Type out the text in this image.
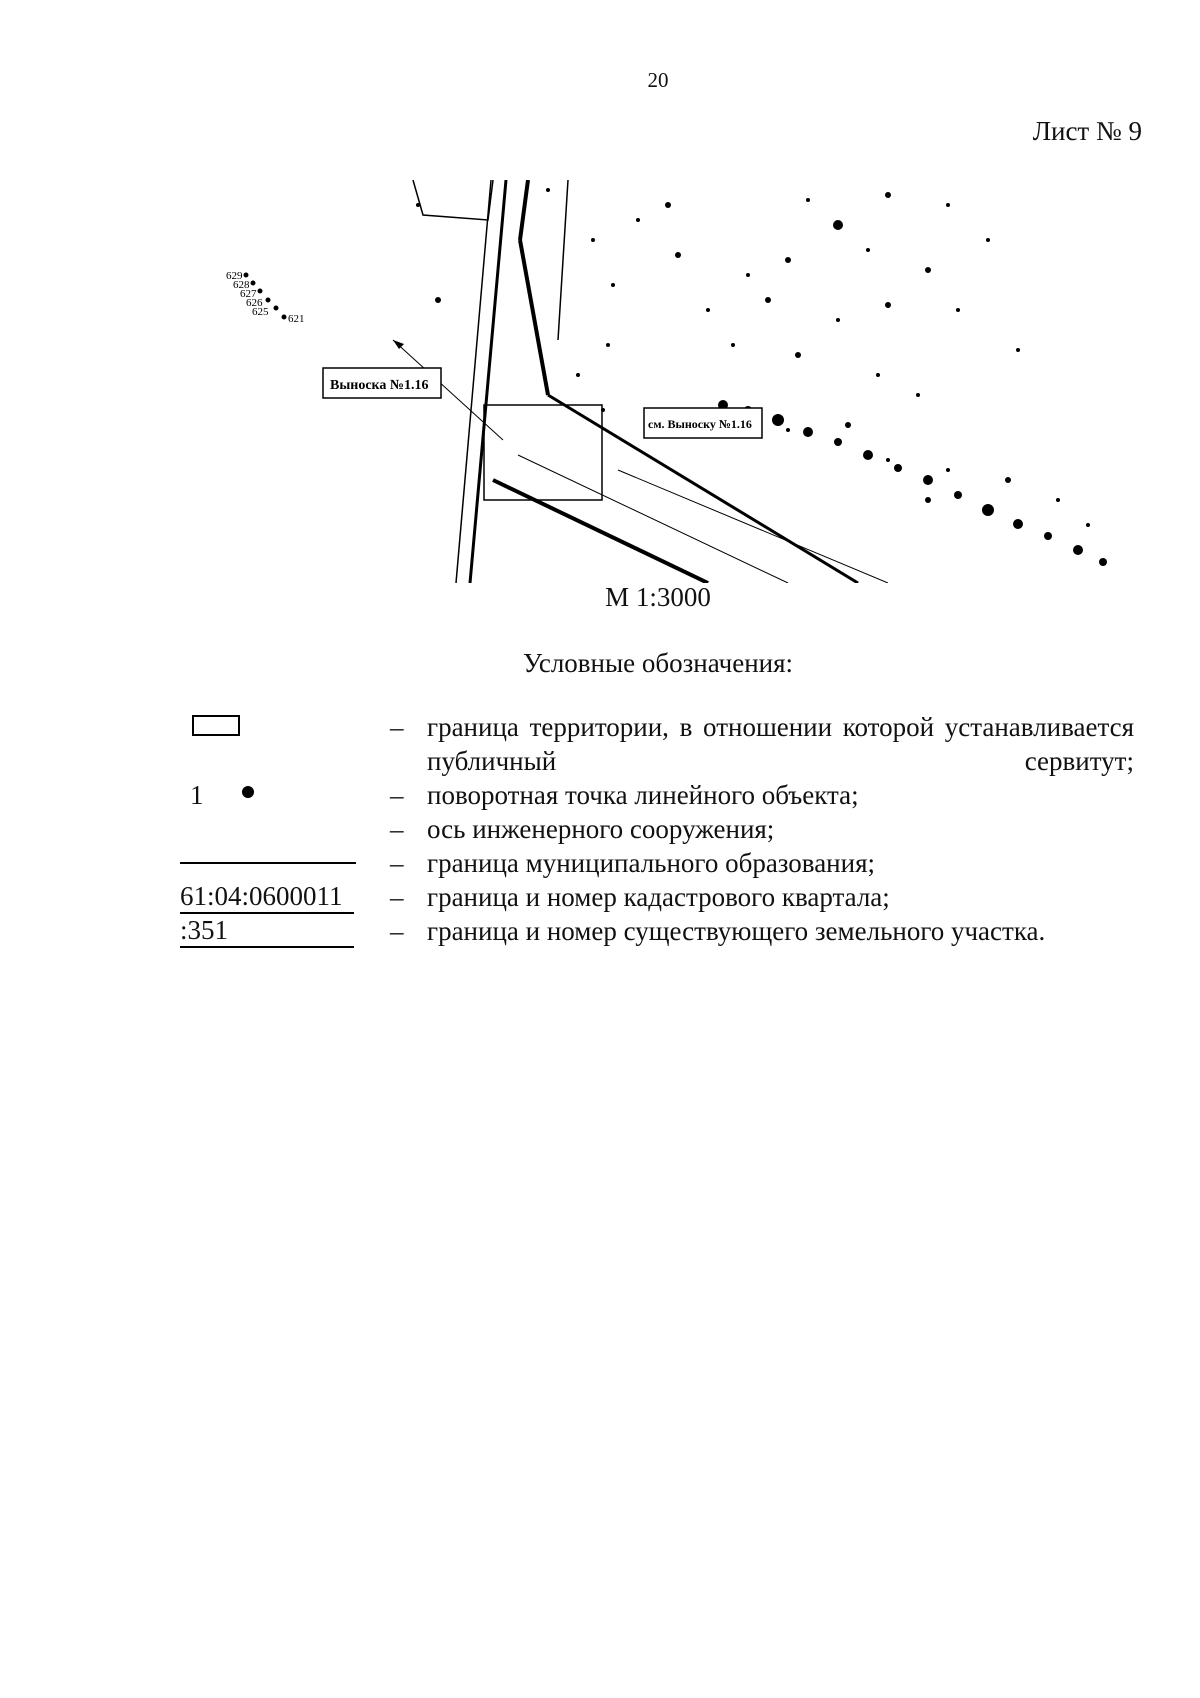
20
Лист № 9
629
628
627
626
625
621
Выноска №1.16
см. Выноску №1.16
М 1:3000
Условные обозначения:
– граница территории, в отношении которой устанавливается публичный сервитут;
1	– поворотная точка линейного объекта;
– ось инженерного сооружения;
– граница муниципального образования;
61:04:0600011	– граница и номер кадастрового квартала;
:351	– граница и номер существующего земельного участка.
